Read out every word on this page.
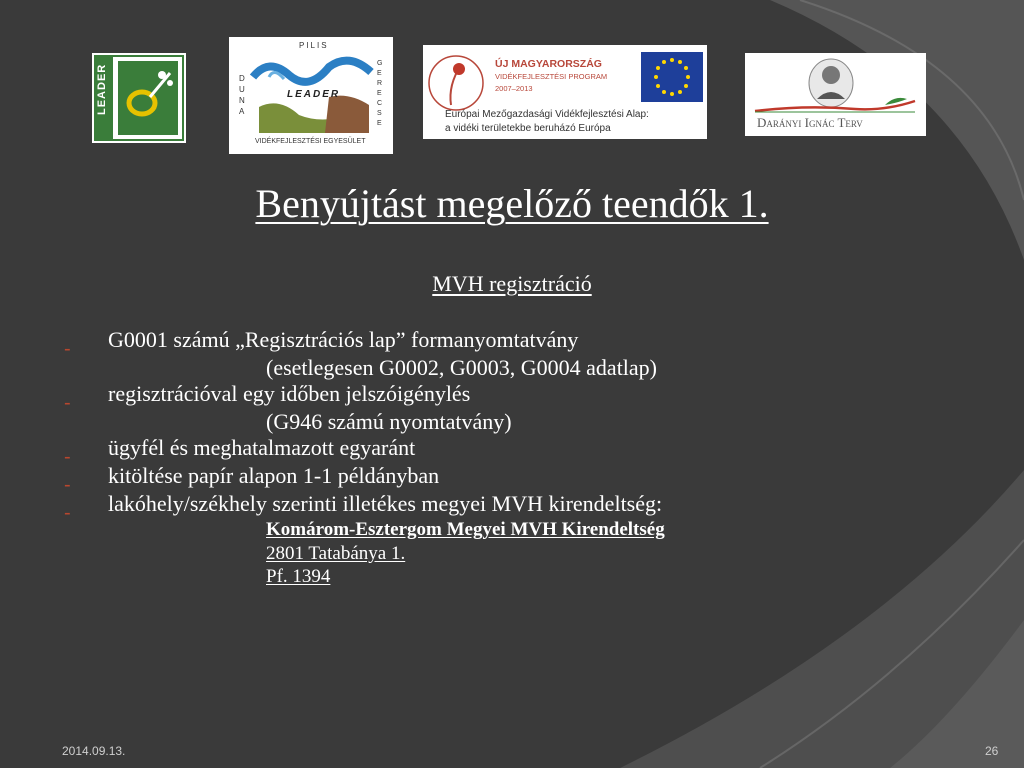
LEADER
PILIS
DUNA
GERECSE
LEADER
VIDÉKFEJLESZTÉSI EGYESÜLET
ÚJ MAGYARORSZÁG
VIDÉKFEJLESZTÉSI PROGRAM
2007–2013
Európai Mezőgazdasági Vidékfejlesztési Alap:
a vidéki területekbe beruházó Európa	Darányi Ignác Terv
Benyújtást megelőző teendők 1.
MVH regisztráció
- G0001 számú „Regisztrációs lap” formanyomtatvány
(esetlegesen G0002, G0003, G0004 adatlap)
- regisztrációval egy időben jelszóigénylés
(G946 számú nyomtatvány)
- ügyfél és meghatalmazott egyaránt
- kitöltése papír alapon 1-1 példányban
- lakóhely/székhely szerinti illetékes megyei MVH kirendeltség:
Komárom-Esztergom Megyei MVH Kirendeltség
2801 Tatabánya 1.
Pf. 1394
2014.09.13.	26
